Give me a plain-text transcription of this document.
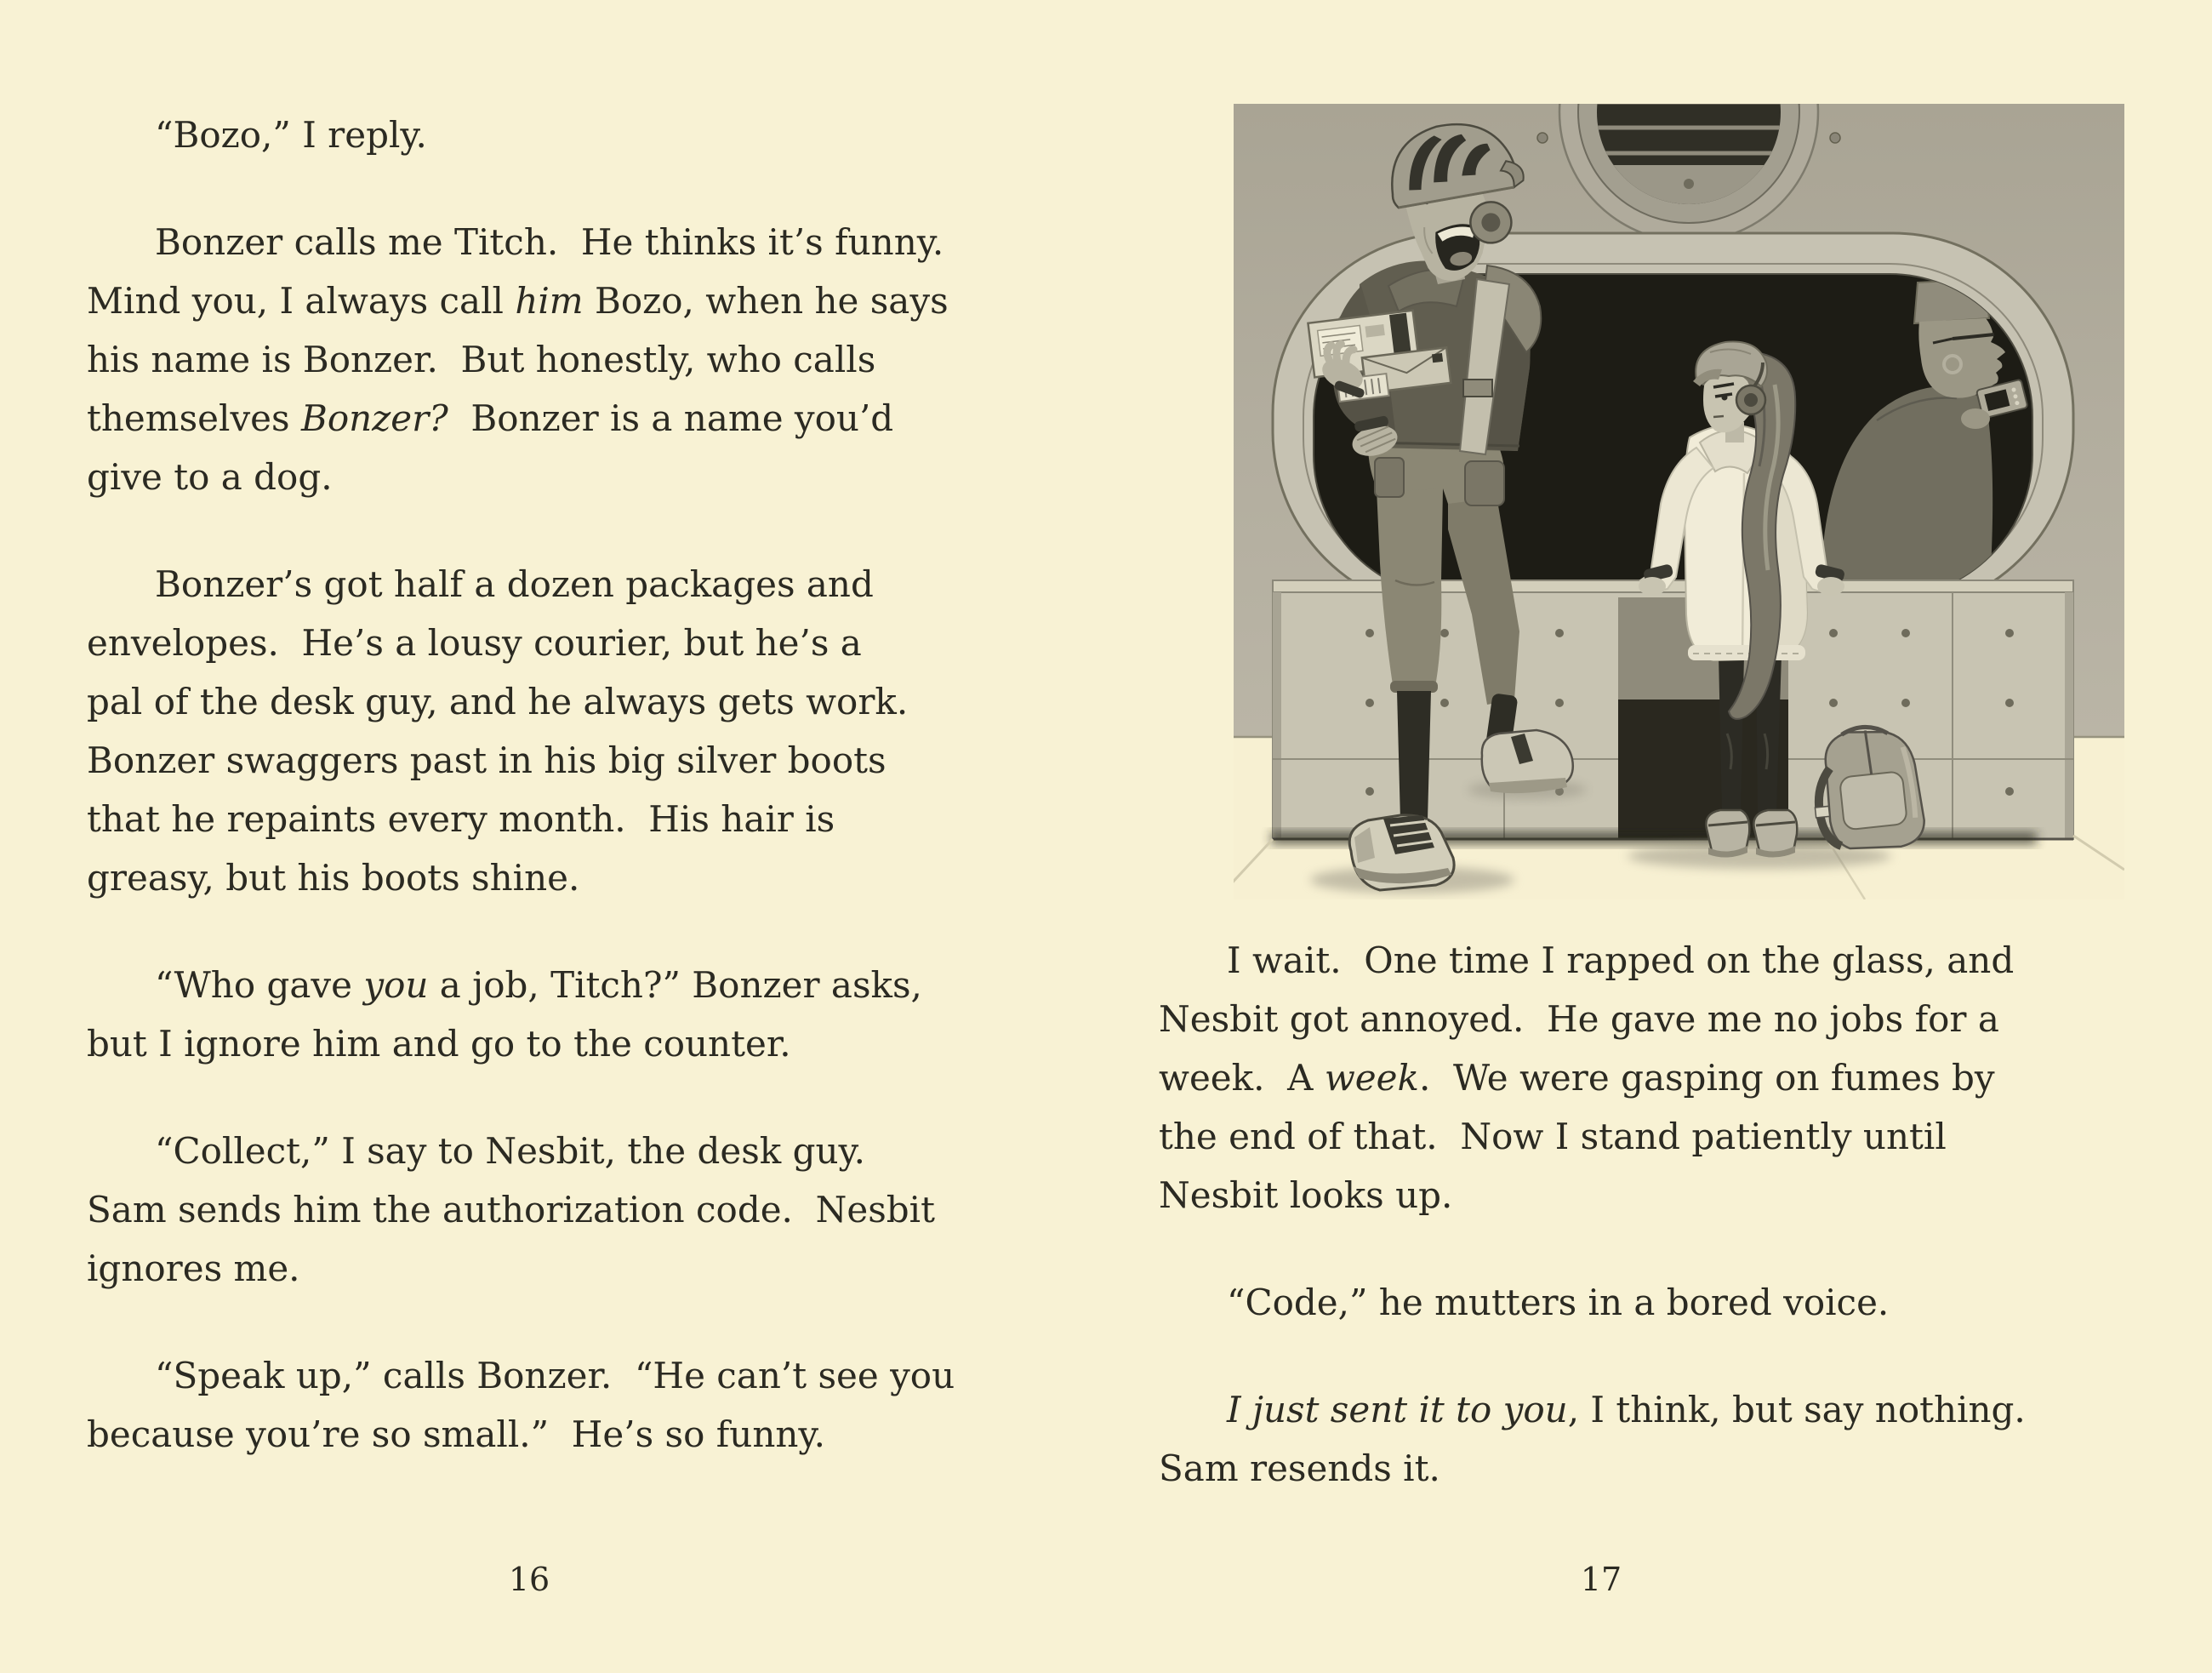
“Bozo,” I reply.
Bonzer calls me Titch.  He thinks it’s funny.
Mind you, I always call him Bozo, when he says
his name is Bonzer.  But honestly, who calls
themselves Bonzer?  Bonzer is a name you’d
give to a dog.
Bonzer’s got half a dozen packages and
envelopes.  He’s a lousy courier, but he’s a
pal of the desk guy, and he always gets work.
Bonzer swaggers past in his big silver boots
that he repaints every month.  His hair is
greasy, but his boots shine.
“Who gave you a job, Titch?” Bonzer asks,
but I ignore him and go to the counter.
“Collect,” I say to Nesbit, the desk guy.
Sam sends him the authorization code.  Nesbit
ignores me.
“Speak up,” calls Bonzer.  “He can’t see you
because you’re so small.”  He’s so funny.
16
I wait.  One time I rapped on the glass, and
Nesbit got annoyed.  He gave me no jobs for a
week.  A week.  We were gasping on fumes by
the end of that.  Now I stand patiently until
Nesbit looks up.
“Code,” he mutters in a bored voice.
I just sent it to you, I think, but say nothing.
Sam resends it.
17
